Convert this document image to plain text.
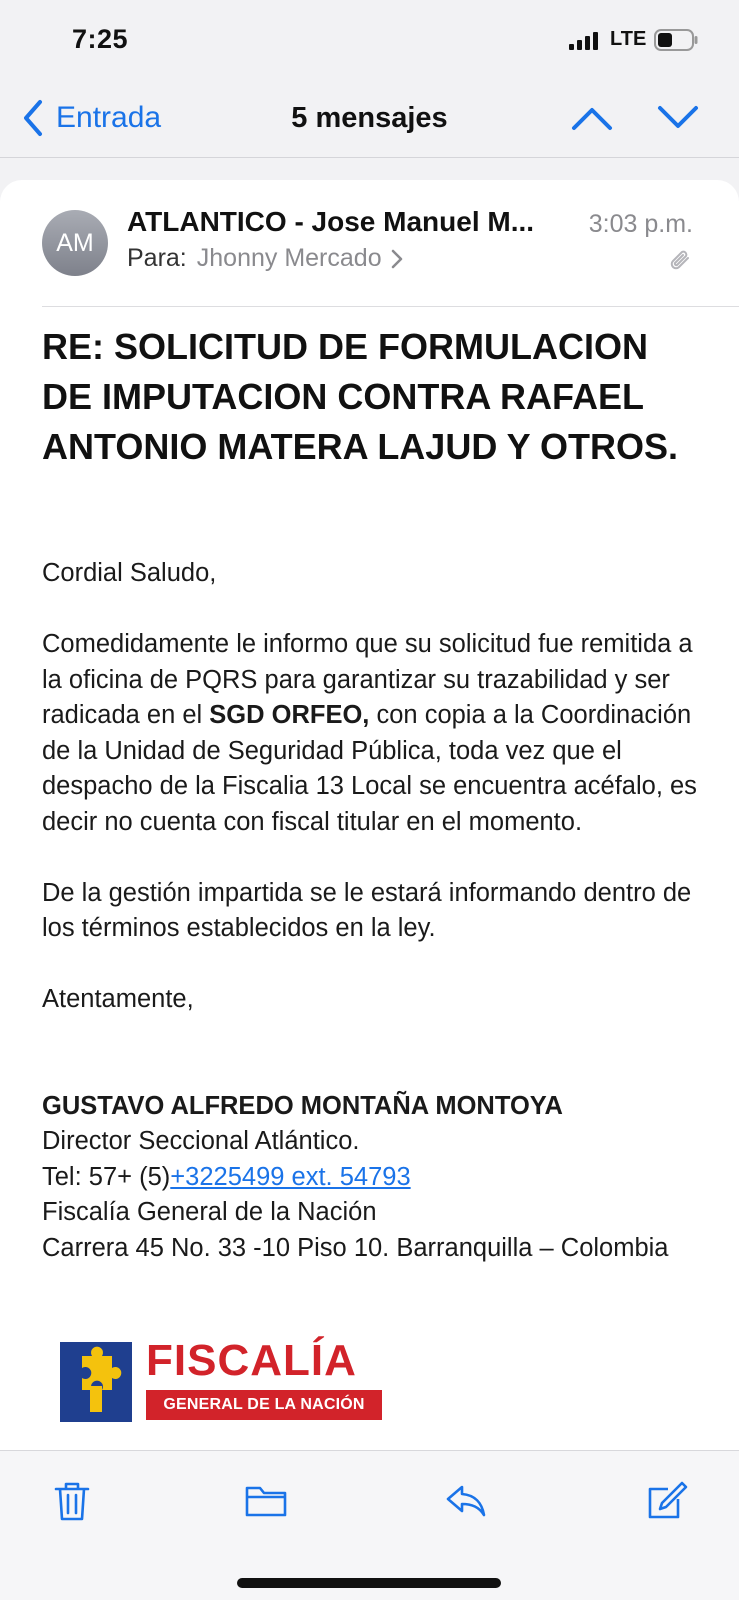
7:25	LTE
Entrada	5 mensajes
AM
ATLANTICO - Jose Manuel M...	3:03 p.m.
Para: Jhonny Mercado
RE: SOLICITUD DE FORMULACION DE IMPUTACION CONTRA RAFAEL ANTONIO MATERA LAJUD Y OTROS.
Cordial Saludo,
Comedidamente le informo que su solicitud fue remitida a la oficina de PQRS para garantizar su trazabilidad y ser radicada en el SGD ORFEO, con copia a la Coordinación de la Unidad de Seguridad Pública, toda vez que el despacho de la Fiscalia 13 Local se encuentra acéfalo, es decir no cuenta con fiscal titular en el momento.
De la gestión impartida se le estará informando dentro de los términos establecidos en la ley.
Atentamente,
GUSTAVO ALFREDO MONTAÑA MONTOYA
Director Seccional Atlántico.
Tel: 57+ (5)+3225499 ext. 54793
Fiscalía General de la Nación
Carrera 45 No. 33 -10 Piso 10. Barranquilla – Colombia
FISCALÍA
GENERAL DE LA NACIÓN
